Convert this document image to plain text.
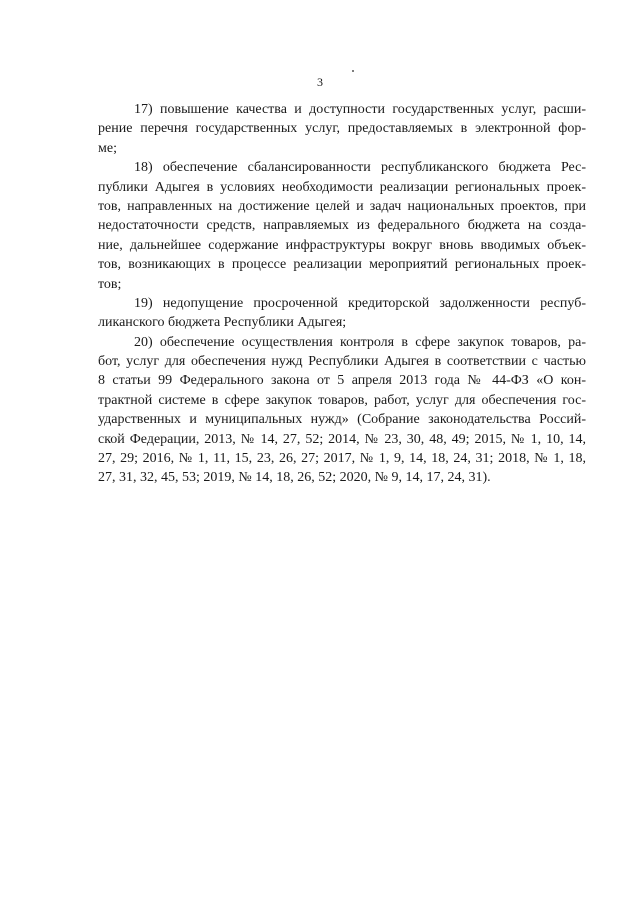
3
17) повышение качества и доступности государственных услуг, расши-
рение перечня государственных услуг, предоставляемых в электронной фор-
ме;
18) обеспечение сбалансированности республиканского бюджета Рес-
публики Адыгея в условиях необходимости реализации региональных проек-
тов, направленных на достижение целей и задач национальных проектов, при
недостаточности средств, направляемых из федерального бюджета на созда-
ние, дальнейшее содержание инфраструктуры вокруг вновь вводимых объек-
тов, возникающих в процессе реализации мероприятий региональных проек-
тов;
19) недопущение просроченной кредиторской задолженности респуб-
ликанского бюджета Республики Адыгея;
20) обеспечение осуществления контроля в сфере закупок товаров, ра-
бот, услуг для обеспечения нужд Республики Адыгея в соответствии с частью
8 статьи 99 Федерального закона от 5 апреля 2013 года № 44-ФЗ «О кон-
трактной системе в сфере закупок товаров, работ, услуг для обеспечения гос-
ударственных и муниципальных нужд» (Собрание законодательства Россий-
ской Федерации, 2013, № 14, 27, 52; 2014, № 23, 30, 48, 49; 2015, № 1, 10, 14,
27, 29; 2016, № 1, 11, 15, 23, 26, 27; 2017, № 1, 9, 14, 18, 24, 31; 2018, № 1, 18,
27, 31, 32, 45, 53; 2019, № 14, 18, 26, 52; 2020, № 9, 14, 17, 24, 31).
